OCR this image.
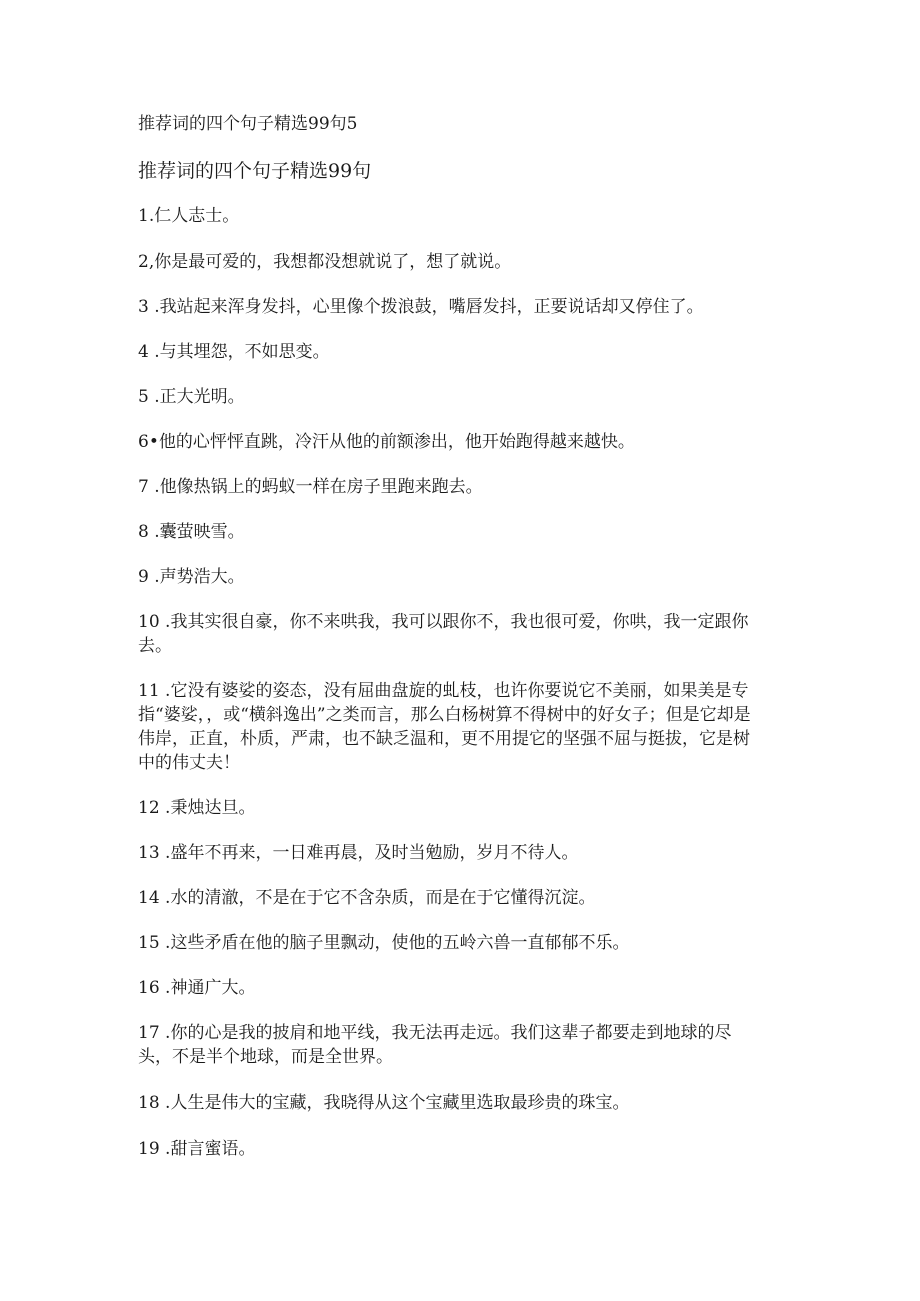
推荐词的四个句子精选99句5
推荐词的四个句子精选99句
1.仁人志士。
2,你是最可爱的，我想都没想就说了，想了就说。
3 .我站起来浑身发抖，心里像个拨浪鼓，嘴唇发抖，正要说话却又停住了。
4 .与其埋怨，不如思变。
5 .正大光明。
6•他的心怦怦直跳，冷汗从他的前额渗出，他开始跑得越来越快。
7 .他像热锅上的蚂蚁一样在房子里跑来跑去。
8 .囊萤映雪。
9 .声势浩大。
10 .我其实很自豪，你不来哄我，我可以跟你不，我也很可爱，你哄，我一定跟你去。
11 .它没有婆娑的姿态，没有屈曲盘旋的虬枝，也许你要说它不美丽，如果美是专指“婆娑，，或“横斜逸出”之类而言，那么白杨树算不得树中的好女子；但是它却是伟岸，正直，朴质，严肃，也不缺乏温和，更不用提它的坚强不屈与挺拔，它是树中的伟丈夫！
12 .秉烛达旦。
13 .盛年不再来，一日难再晨，及时当勉励，岁月不待人。
14 .水的清澈，不是在于它不含杂质，而是在于它懂得沉淀。
15 .这些矛盾在他的脑子里飘动，使他的五岭六兽一直郁郁不乐。
16 .神通广大。
17 .你的心是我的披肩和地平线，我无法再走远。我们这辈子都要走到地球的尽头，不是半个地球，而是全世界。
18 .人生是伟大的宝藏，我晓得从这个宝藏里选取最珍贵的珠宝。
19 .甜言蜜语。
